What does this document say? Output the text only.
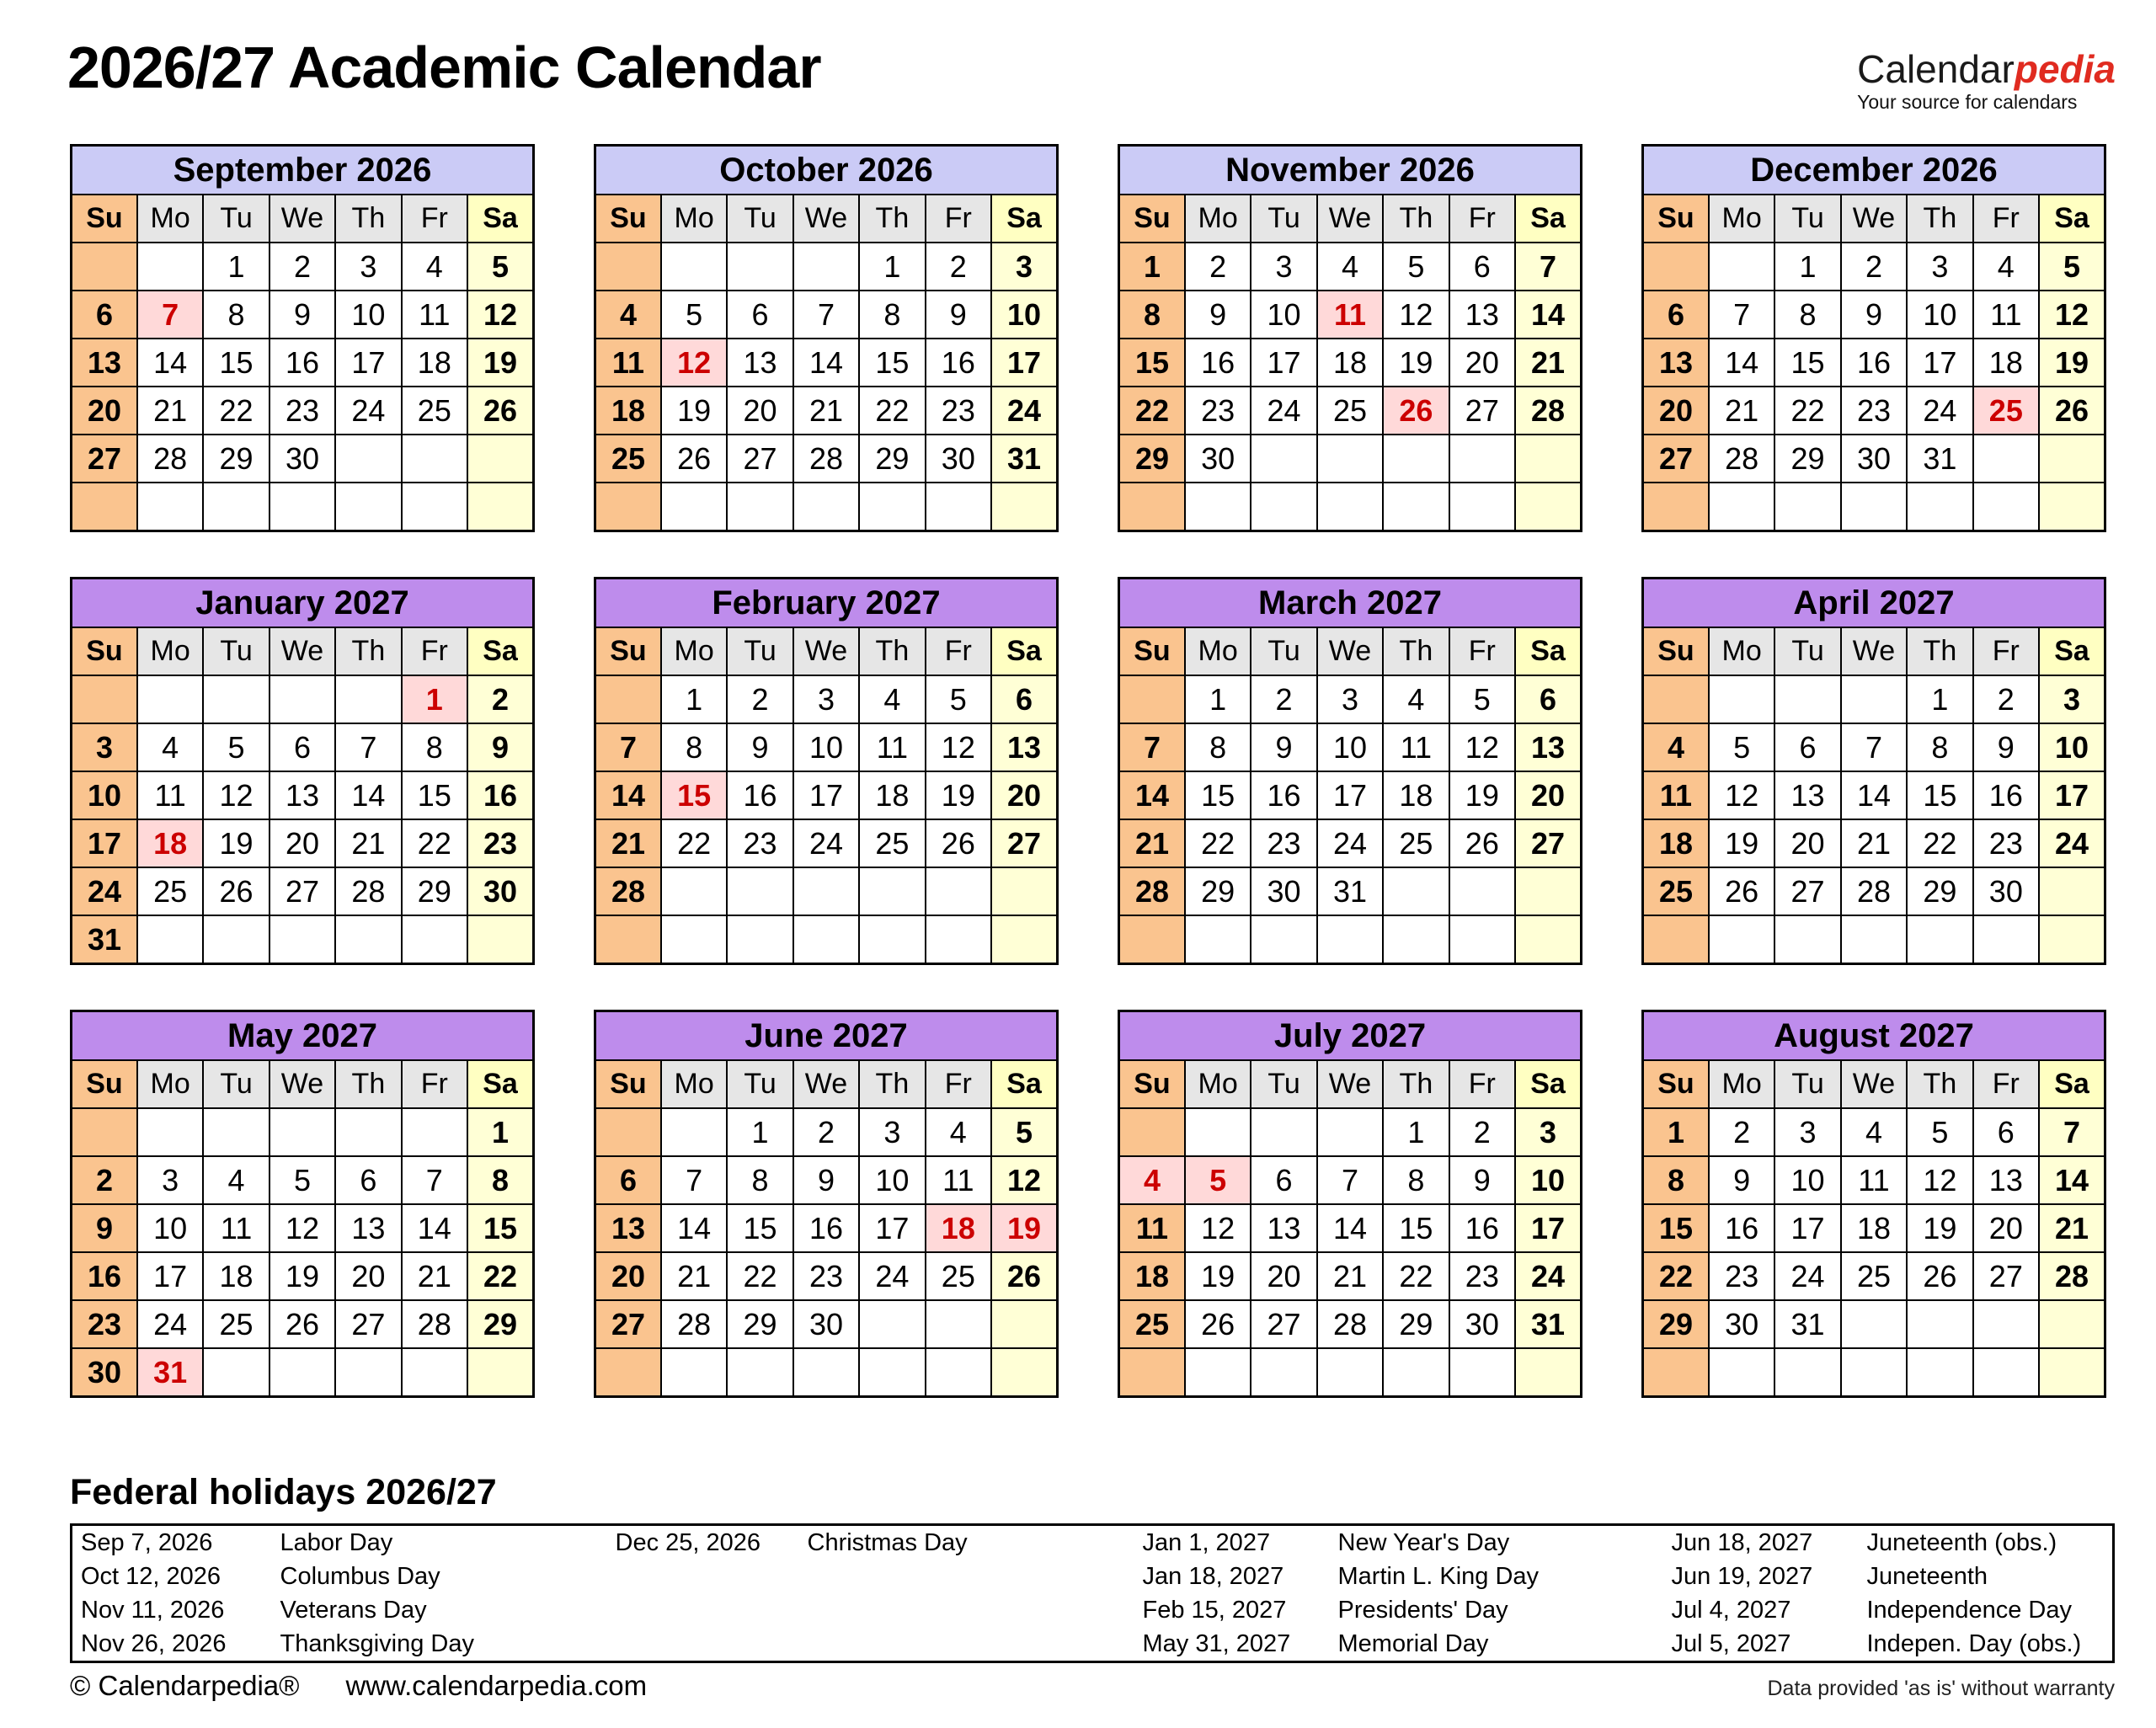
2026/27 Academic Calendar	Calendarpedia
Your source for calendars
September 2026						
Su	Mo	Tu	We	Th	Fr	Sa
		1	2	3	4	5
6	7	8	9	10	11	12
13	14	15	16	17	18	19
20	21	22	23	24	25	26
27	28	29	30			

October 2026						
Su	Mo	Tu	We	Th	Fr	Sa
				1	2	3
4	5	6	7	8	9	10
11	12	13	14	15	16	17
18	19	20	21	22	23	24
25	26	27	28	29	30	31

November 2026						
Su	Mo	Tu	We	Th	Fr	Sa
1	2	3	4	5	6	7
8	9	10	11	12	13	14
15	16	17	18	19	20	21
22	23	24	25	26	27	28
29	30					

December 2026						
Su	Mo	Tu	We	Th	Fr	Sa
		1	2	3	4	5
6	7	8	9	10	11	12
13	14	15	16	17	18	19
20	21	22	23	24	25	26
27	28	29	30	31		

January 2027						
Su	Mo	Tu	We	Th	Fr	Sa
					1	2
3	4	5	6	7	8	9
10	11	12	13	14	15	16
17	18	19	20	21	22	23
24	25	26	27	28	29	30
31						
February 2027						
Su	Mo	Tu	We	Th	Fr	Sa
	1	2	3	4	5	6
7	8	9	10	11	12	13
14	15	16	17	18	19	20
21	22	23	24	25	26	27
28						

March 2027						
Su	Mo	Tu	We	Th	Fr	Sa
	1	2	3	4	5	6
7	8	9	10	11	12	13
14	15	16	17	18	19	20
21	22	23	24	25	26	27
28	29	30	31			

April 2027						
Su	Mo	Tu	We	Th	Fr	Sa
				1	2	3
4	5	6	7	8	9	10
11	12	13	14	15	16	17
18	19	20	21	22	23	24
25	26	27	28	29	30	

May 2027						
Su	Mo	Tu	We	Th	Fr	Sa
						1
2	3	4	5	6	7	8
9	10	11	12	13	14	15
16	17	18	19	20	21	22
23	24	25	26	27	28	29
30	31					
June 2027						
Su	Mo	Tu	We	Th	Fr	Sa
		1	2	3	4	5
6	7	8	9	10	11	12
13	14	15	16	17	18	19
20	21	22	23	24	25	26
27	28	29	30			

July 2027						
Su	Mo	Tu	We	Th	Fr	Sa
				1	2	3
4	5	6	7	8	9	10
11	12	13	14	15	16	17
18	19	20	21	22	23	24
25	26	27	28	29	30	31

August 2027						
Su	Mo	Tu	We	Th	Fr	Sa
1	2	3	4	5	6	7
8	9	10	11	12	13	14
15	16	17	18	19	20	21
22	23	24	25	26	27	28
29	30	31				

Federal holidays 2026/27
Sep 7, 2026	Labor Day	Dec 25, 2026	Christmas Day	Jan 1, 2027	New Year's Day	Jun 18, 2027	Juneteenth (obs.)
Oct 12, 2026	Columbus Day			Jan 18, 2027	Martin L. King Day	Jun 19, 2027	Juneteenth
Nov 11, 2026	Veterans Day			Feb 15, 2027	Presidents' Day	Jul 4, 2027	Independence Day
Nov 26, 2026	Thanksgiving Day			May 31, 2027	Memorial Day	Jul 5, 2027	Indepen. Day (obs.)
© Calendarpedia® www.calendarpedia.com	Data provided 'as is' without warranty
